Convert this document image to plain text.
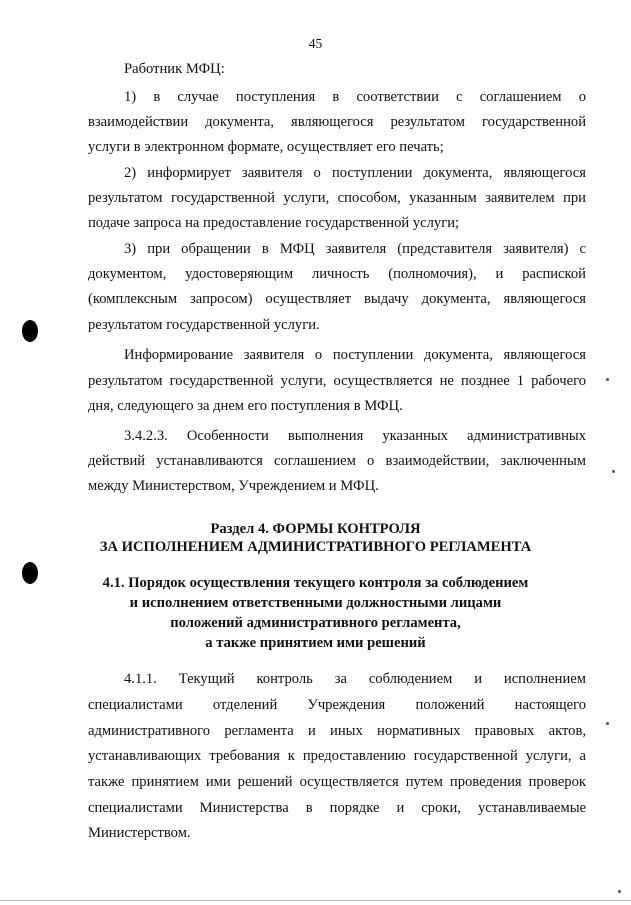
45
Работник МФЦ:
1) в случае поступления в соответствии с соглашением о
взаимодействии документа, являющегося результатом государственной
услуги в электронном формате, осуществляет его печать;
2) информирует заявителя о поступлении документа, являющегося
результатом государственной услуги, способом, указанным заявителем при
подаче запроса на предоставление государственной услуги;
3) при обращении в МФЦ заявителя (представителя заявителя) с
документом, удостоверяющим личность (полномочия), и распиской
(комплексным запросом) осуществляет выдачу документа, являющегося
результатом государственной услуги.
Информирование заявителя о поступлении документа, являющегося
результатом государственной услуги, осуществляется не позднее 1 рабочего
дня, следующего за днем его поступления в МФЦ.
3.4.2.3. Особенности выполнения указанных административных
действий устанавливаются соглашением о взаимодействии, заключенным
между Министерством, Учреждением и МФЦ.
Раздел 4. ФОРМЫ КОНТРОЛЯ
ЗА ИСПОЛНЕНИЕМ АДМИНИСТРАТИВНОГО РЕГЛАМЕНТА
4.1. Порядок осуществления текущего контроля за соблюдением
и исполнением ответственными должностными лицами
положений административного регламента,
а также принятием ими решений
4.1.1. Текущий контроль за соблюдением и исполнением
специалистами отделений Учреждения положений настоящего
административного регламента и иных нормативных правовых актов,
устанавливающих требования к предоставлению государственной услуги, а
также принятием ими решений осуществляется путем проведения проверок
специалистами Министерства в порядке и сроки, устанавливаемые
Министерством.
